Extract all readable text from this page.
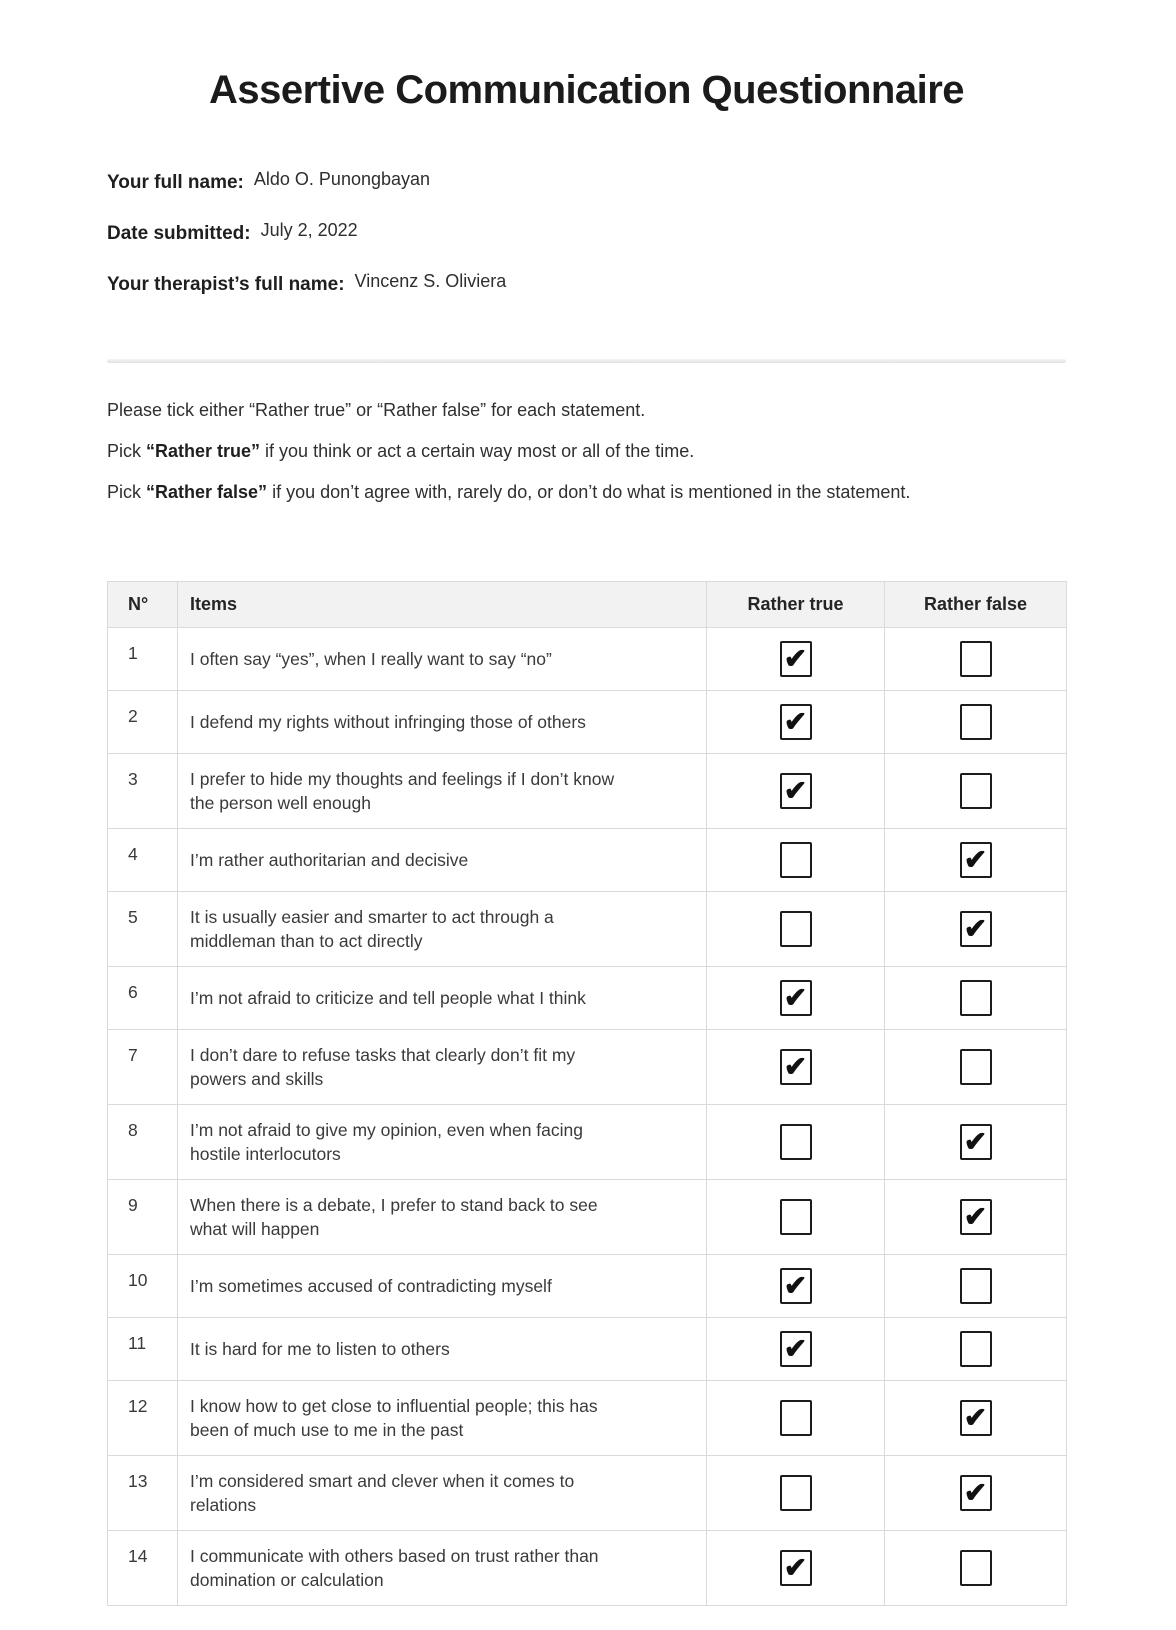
Assertive Communication Questionnaire
Your full name: Aldo O. Punongbayan
Date submitted: July 2, 2022
Your therapist’s full name: Vincenz S. Oliviera

Please tick either “Rather true” or “Rather false” for each statement.

Pick “Rather true” if you think or act a certain way most or all of the time.

Pick “Rather false” if you don’t agree with, rarely do, or don’t do what is mentioned in the statement.

N°	Items	Rather true	Rather false
1	I often say “yes”, when I really want to say “no”	✔	
2	I defend my rights without infringing those of others	✔	
3	I prefer to hide my thoughts and feelings if I don’t know the person well enough	✔	
4	I’m rather authoritarian and decisive		✔
5	It is usually easier and smarter to act through a middleman than to act directly		✔
6	I’m not afraid to criticize and tell people what I think	✔	
7	I don’t dare to refuse tasks that clearly don’t fit my powers and skills	✔	
8	I’m not afraid to give my opinion, even when facing hostile interlocutors		✔
9	When there is a debate, I prefer to stand back to see what will happen		✔
10	I’m sometimes accused of contradicting myself	✔	
11	It is hard for me to listen to others	✔	
12	I know how to get close to influential people; this has been of much use to me in the past		✔
13	I’m considered smart and clever when it comes to relations		✔
14	I communicate with others based on trust rather than domination or calculation	✔	
